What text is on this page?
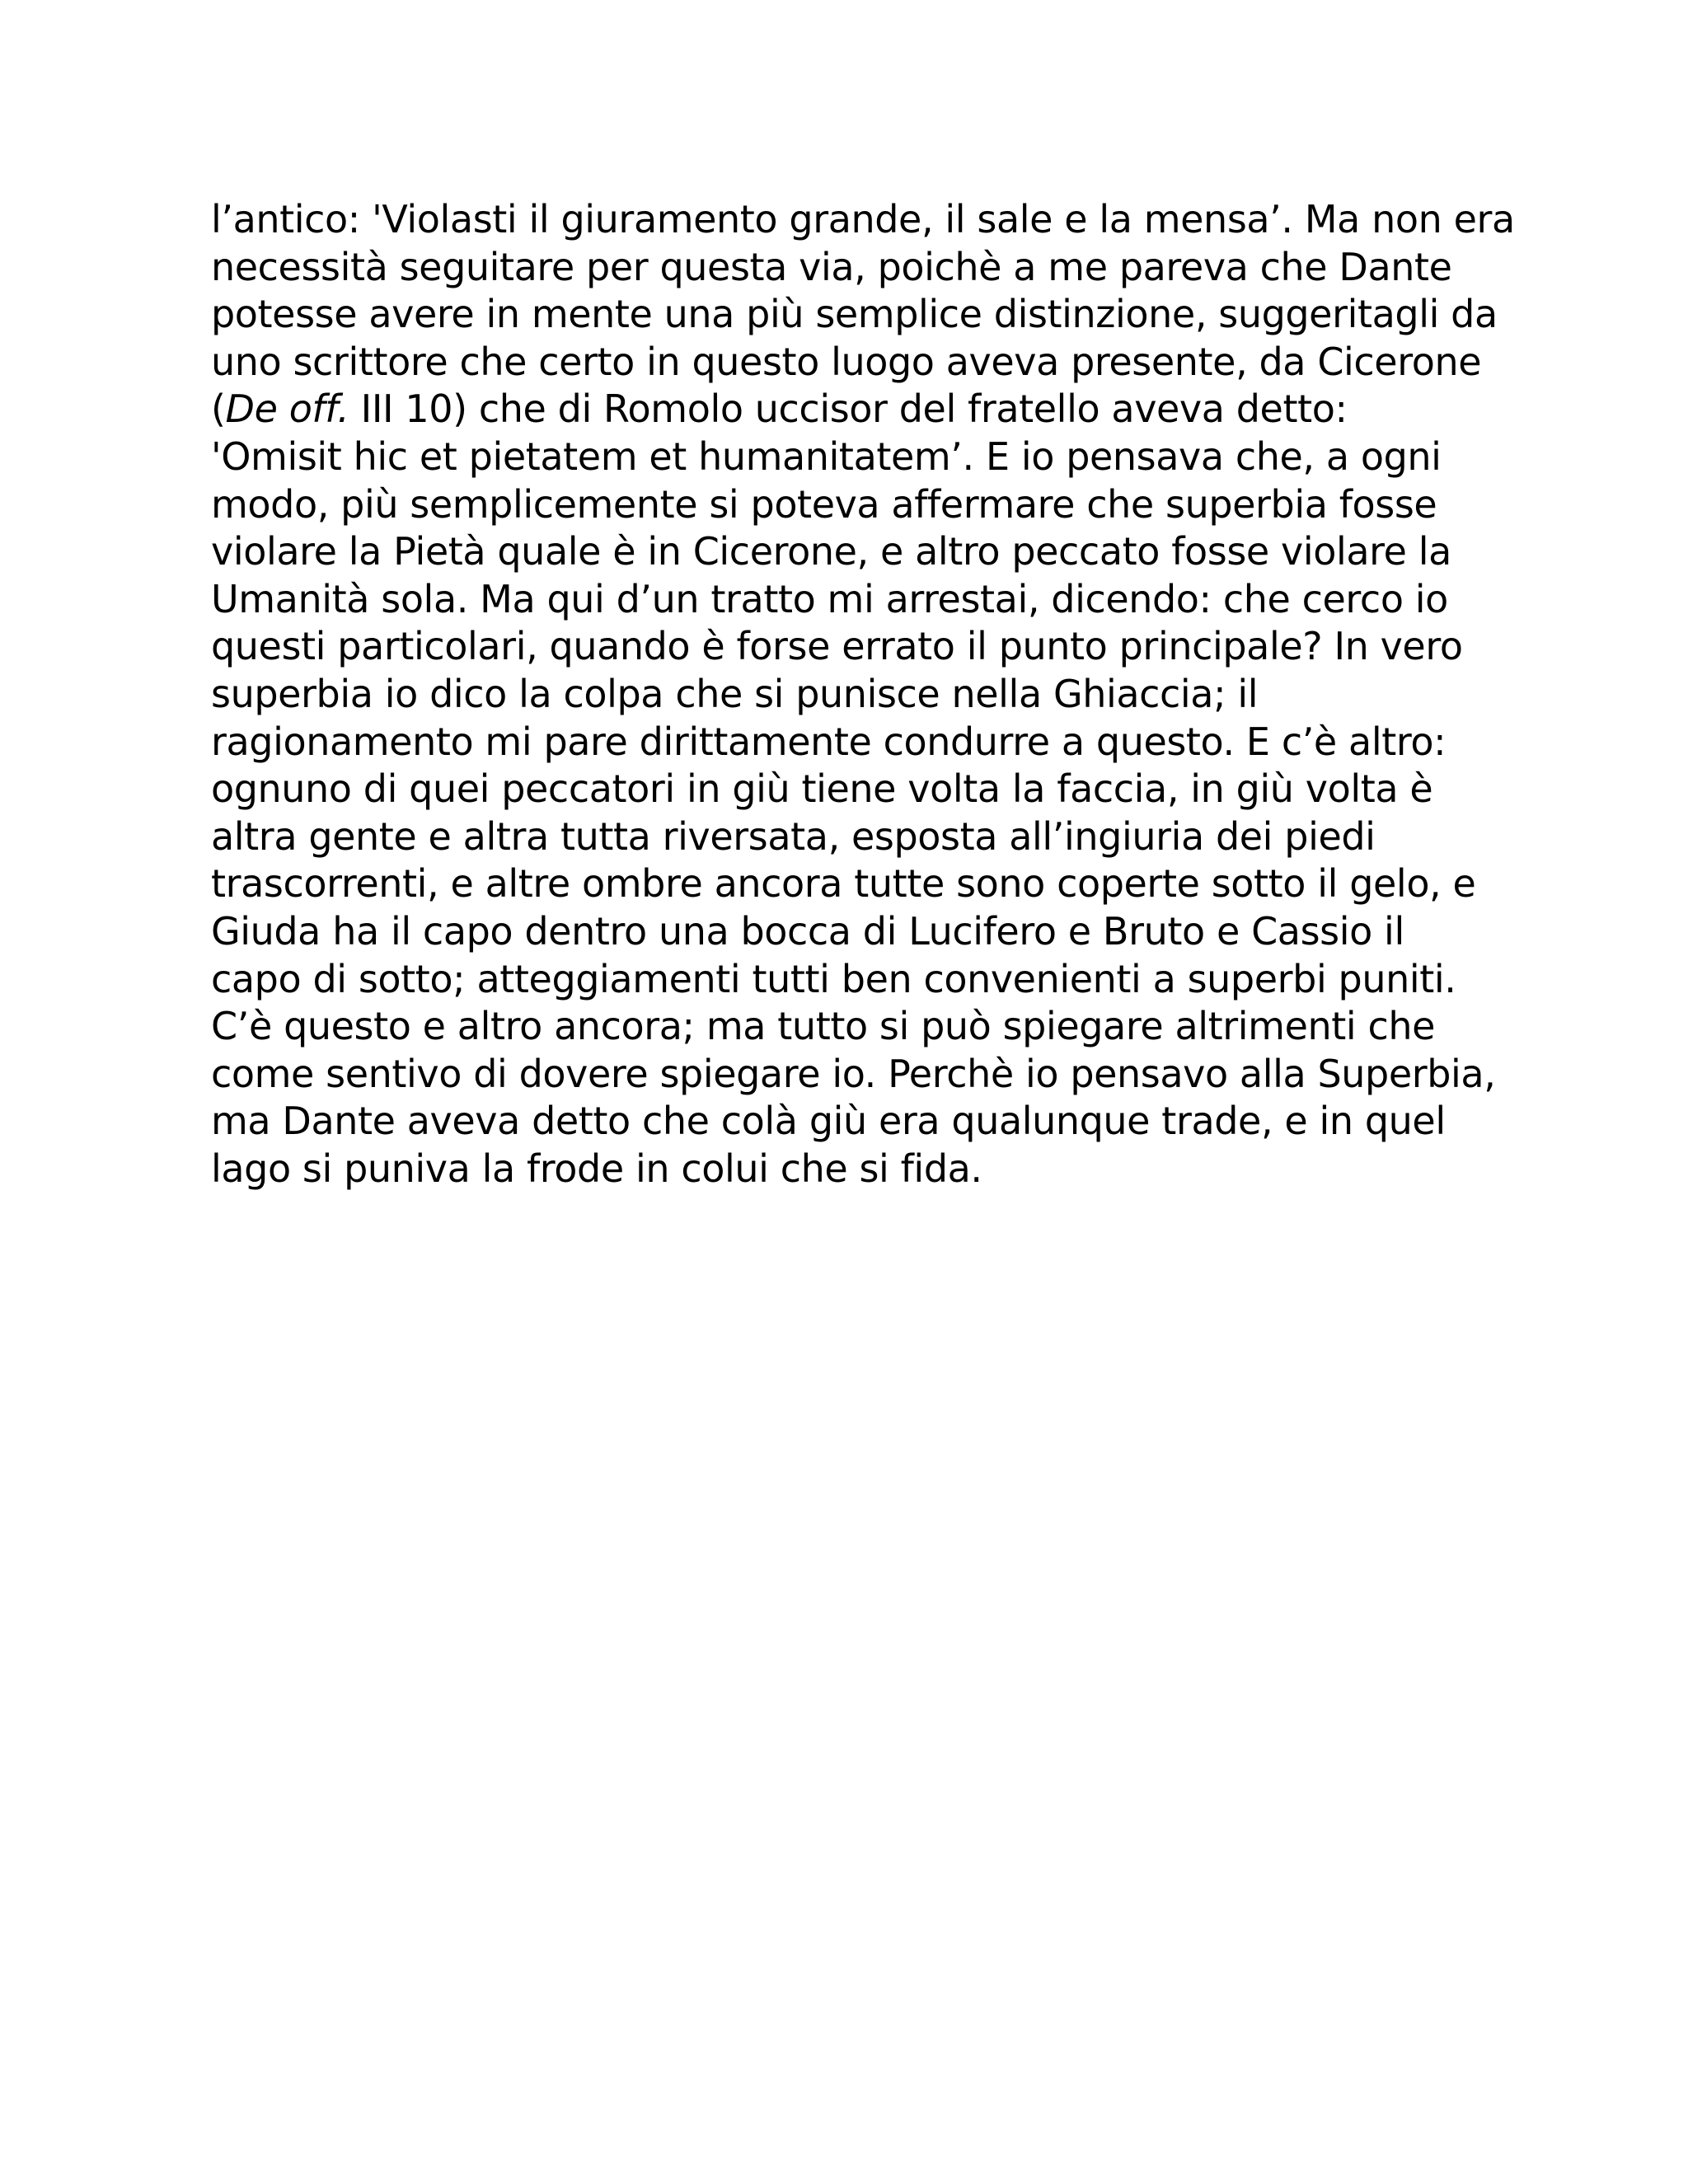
l’antico: 'Violasti il giuramento grande, il sale e la mensa’. Ma non era
necessità seguitare per questa via, poichè a me pareva che Dante
potesse avere in mente una più semplice distinzione, suggeritagli da
uno scrittore che certo in questo luogo aveva presente, da Cicerone
(De off. III 10) che di Romolo uccisor del fratello aveva detto:
'Omisit hic et pietatem et humanitatem’. E io pensava che, a ogni
modo, più semplicemente si poteva affermare che superbia fosse
violare la Pietà quale è in Cicerone, e altro peccato fosse violare la
Umanità sola. Ma qui d’un tratto mi arrestai, dicendo: che cerco io
questi particolari, quando è forse errato il punto principale? In vero
superbia io dico la colpa che si punisce nella Ghiaccia; il
ragionamento mi pare dirittamente condurre a questo. E c’è altro:
ognuno di quei peccatori in giù tiene volta la faccia, in giù volta è
altra gente e altra tutta riversata, esposta all’ingiuria dei piedi
trascorrenti, e altre ombre ancora tutte sono coperte sotto il gelo, e
Giuda ha il capo dentro una bocca di Lucifero e Bruto e Cassio il
capo di sotto; atteggiamenti tutti ben convenienti a superbi puniti.
C’è questo e altro ancora; ma tutto si può spiegare altrimenti che
come sentivo di dovere spiegare io. Perchè io pensavo alla Superbia,
ma Dante aveva detto che colà giù era qualunque trade, e in quel
lago si puniva la frode in colui che si fida.
